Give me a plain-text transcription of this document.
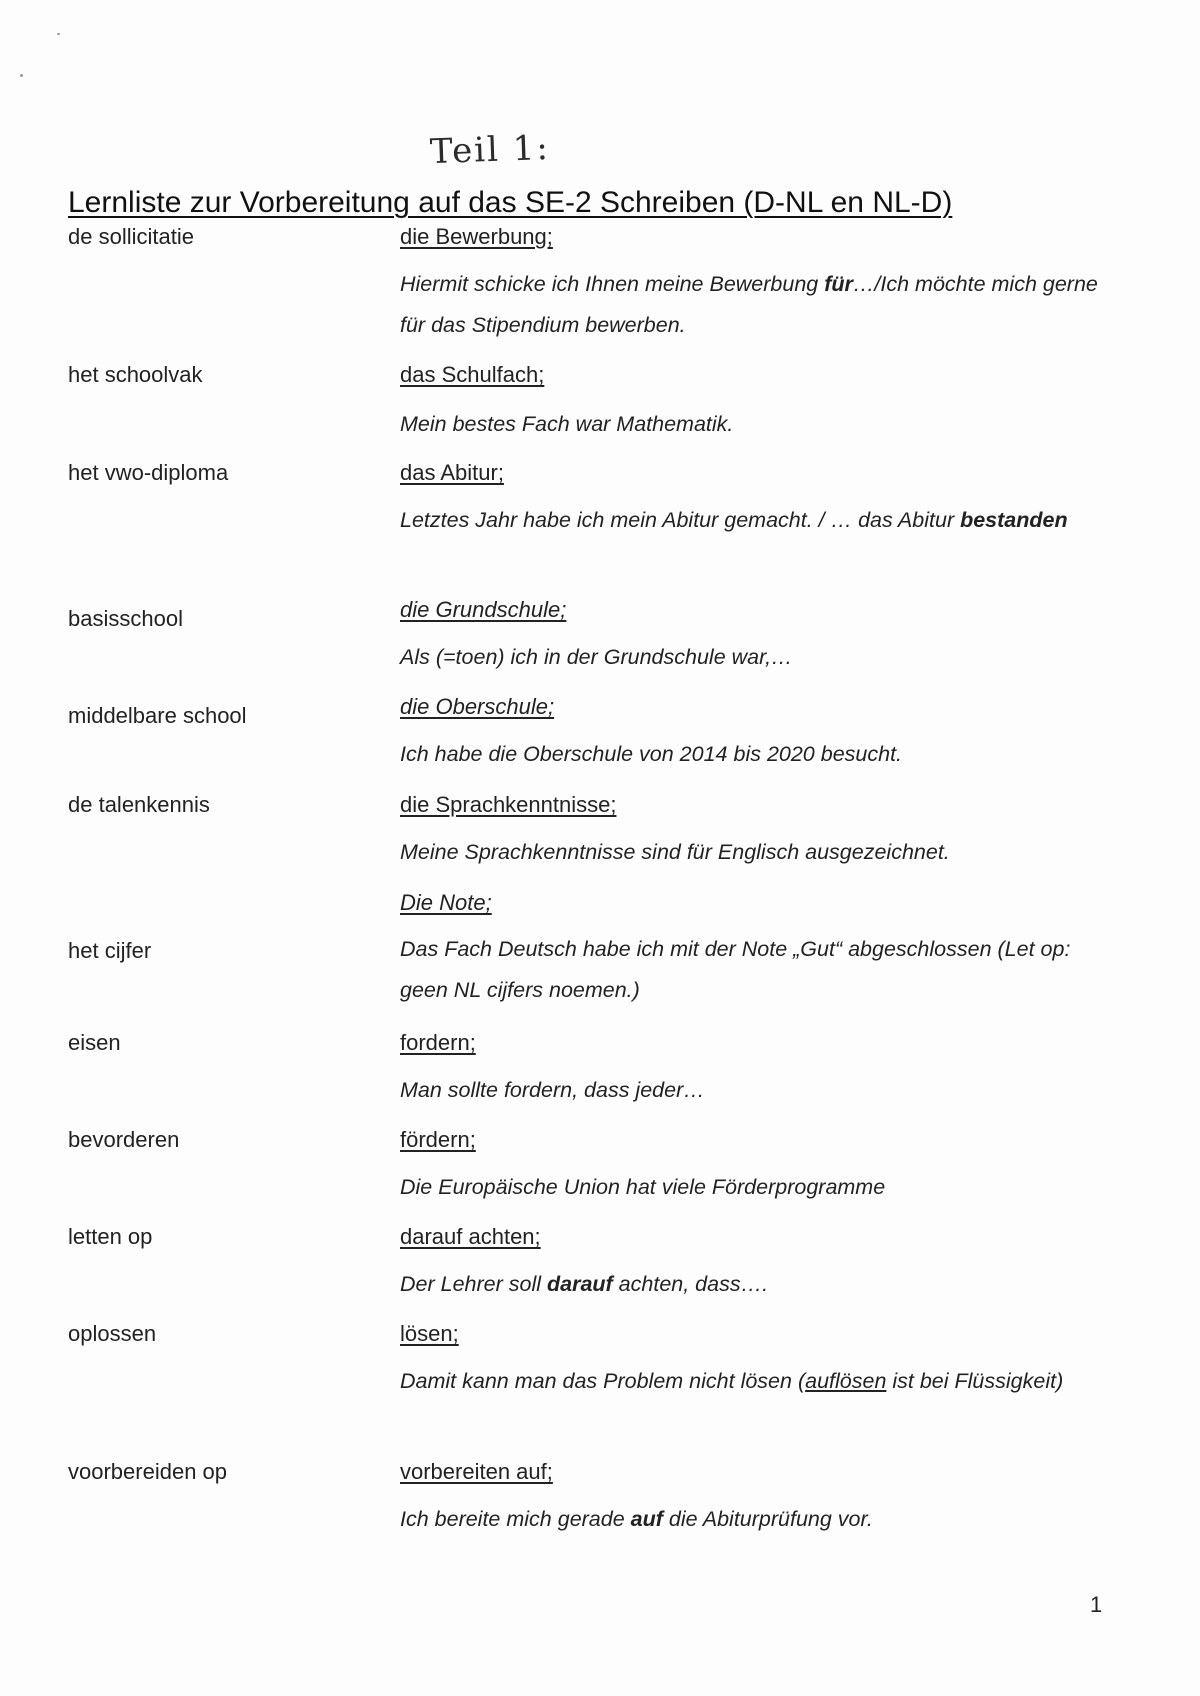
Teil 1:
Lernliste zur Vorbereitung auf das SE-2 Schreiben (D-NL en NL-D)
de sollicitatie	die Bewerbung;
Hiermit schicke ich Ihnen meine Bewerbung für…/Ich möchte mich gerne für das Stipendium bewerben.
het schoolvak	das Schulfach;
Mein bestes Fach war Mathematik.
het vwo-diploma	das Abitur;
Letztes Jahr habe ich mein Abitur gemacht. / … das Abitur bestanden
basisschool	die Grundschule;
Als (=toen) ich in der Grundschule war,…
middelbare school	die Oberschule;
Ich habe die Oberschule von 2014 bis 2020 besucht.
de talenkennis	die Sprachkenntnisse;
Meine Sprachkenntnisse sind für Englisch ausgezeichnet.
Die Note;
het cijfer	Das Fach Deutsch habe ich mit der Note „Gut“ abgeschlossen (Let op: geen NL cijfers noemen.)
eisen	fordern;
Man sollte fordern, dass jeder…
bevorderen	fördern;
Die Europäische Union hat viele Förderprogramme
letten op	darauf achten;
Der Lehrer soll darauf achten, dass….
oplossen	lösen;
Damit kann man das Problem nicht lösen (auflösen ist bei Flüssigkeit)
voorbereiden op	vorbereiten auf;
Ich bereite mich gerade auf die Abiturprüfung vor.
1
